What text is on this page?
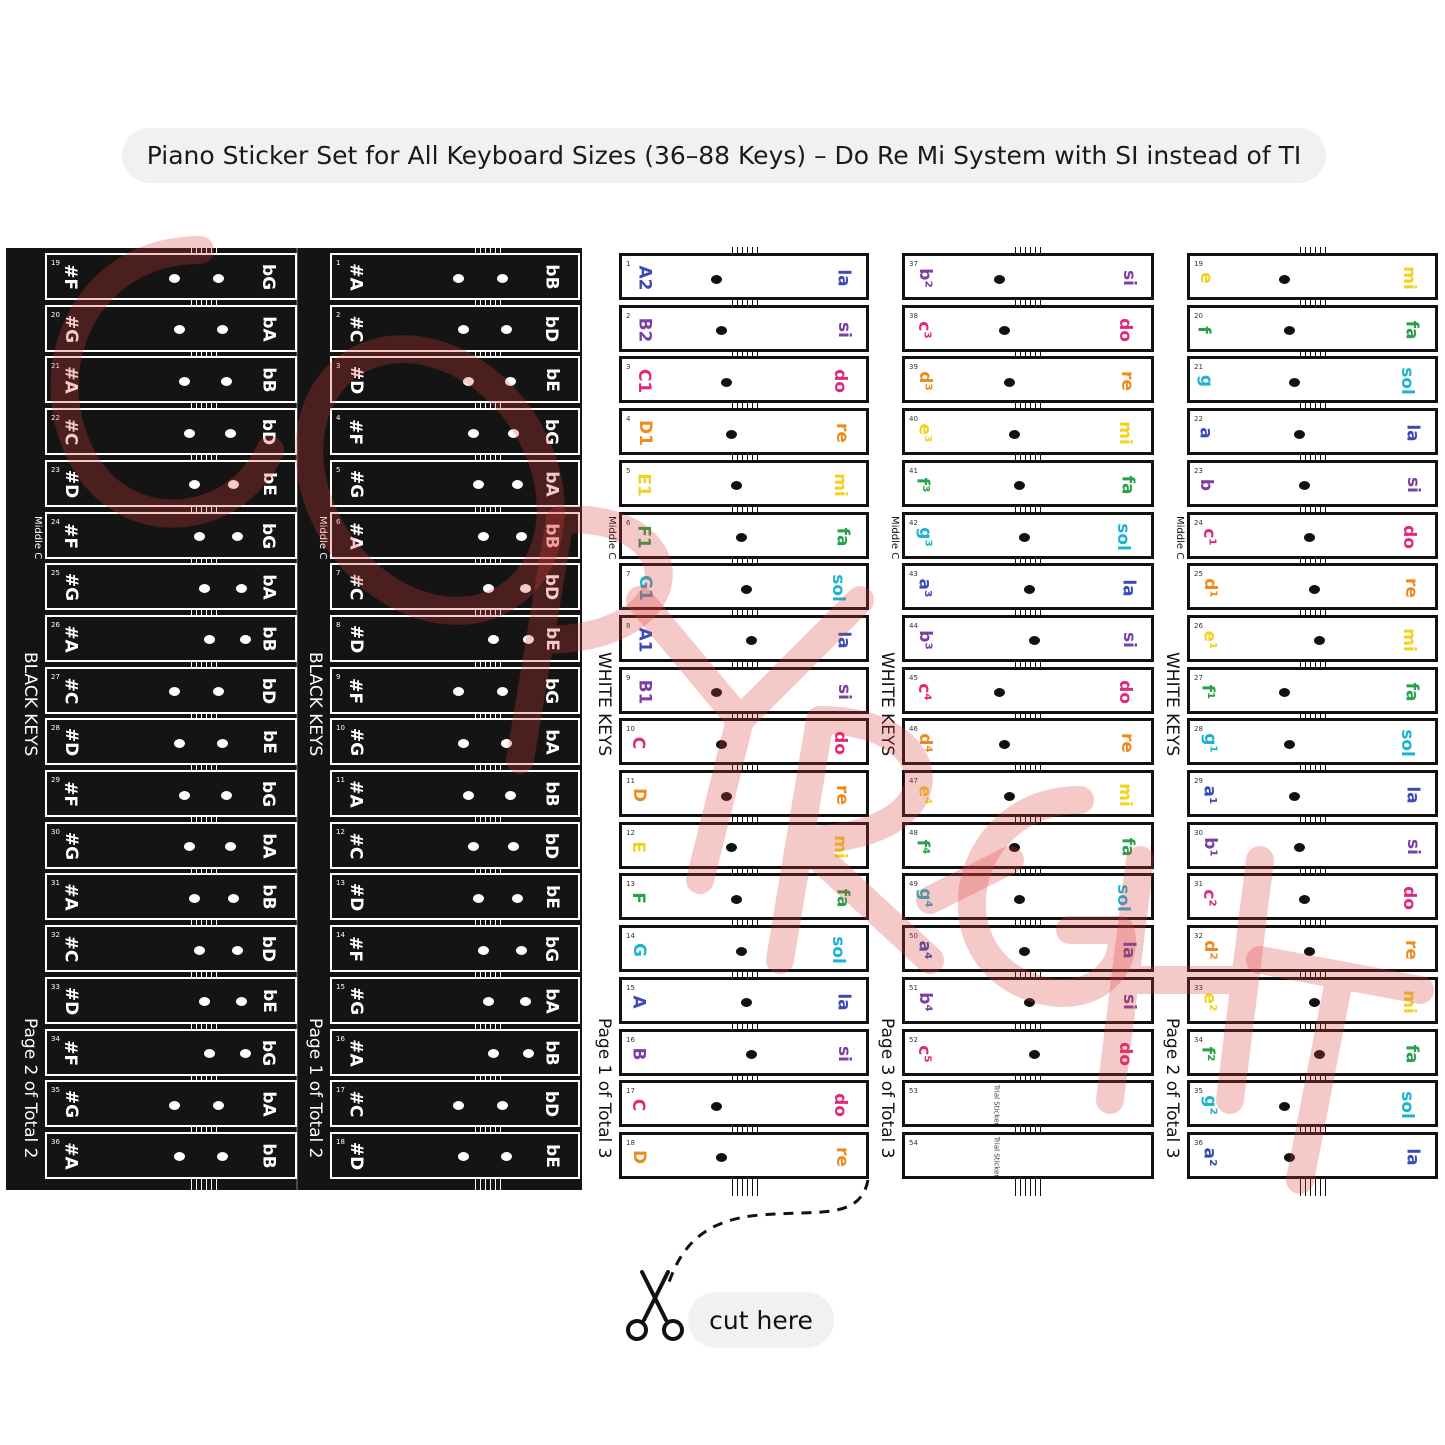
Piano Sticker Set for All Keyboard Sizes (36–88 Keys) – Do Re Mi System with SI instead of TI
19
#F	bG
20 #G	bA
21
#A	bB
22
#C	bD
23 #D	bE
24
#F	bG
25 #G	bA
26
#A	bB
27
#C	bD
28 #D	bE
29
#F	bG
30 #G	bA
31
#A	bB
32
#C	bD
33 #D	bE
34
#F	bG
35 #G	bA
36
#A	bB
BLACK KEYS
Page 2 of Total 2
Middle C
1
#A	bB
2
#C	bD
3 #D	bE
4
#F	bG
5 #G	bA
6
#A	bB
7
#C	bD
8 #D	bE
9
#F	bG
10 #G	bA
11
#A	bB
12
#C	bD
13 #D	bE
14
#F	bG
15 #G	bA
16
#A	bB
17
#C	bD
18 #D	bE
BLACK KEYS
Page 1 of Total 2
Middle C
1
A2	la
2
B2	si
3
C1	do
4
D1	re
5
E1	mi
6
F1	fa
7
G1	sol
8
A1	la
9
B1	si
10
C	do
11
D	re
12
E	mi
13
F	fa
14
G	sol
15
A	la
16
B	si
17
C	do
18
D	re
WHITE KEYS
Page 1 of Total 3
Middle C
37
b²	si
38
c³	do
39
d³	re
40
e³	mi
41
f³	fa
42
g³	sol
43
a³	la
44
b³	si
45
c⁴	do
46
d⁴	re
47
e⁴	mi
48
f⁴	fa
49
g⁴	sol
50
a⁴	la
51
b⁴	si
52
c⁵	do
53	Trial Sticker
54	Trial Sticker
WHITE KEYS
Page 3 of Total 3
Middle C
19
e	mi
20
f	fa
21
g	sol
22
a	la
23
b	si
24
c¹	do
25
d¹	re
26
e¹	mi
27
f¹	fa
28
g¹	sol
29
a¹	la
30
b¹	si
31
c²	do
32
d²	re
33
e²	mi
34
f²	fa
35
g²	sol
36
a²	la
WHITE KEYS
Page 2 of Total 3
Middle C
cut here
